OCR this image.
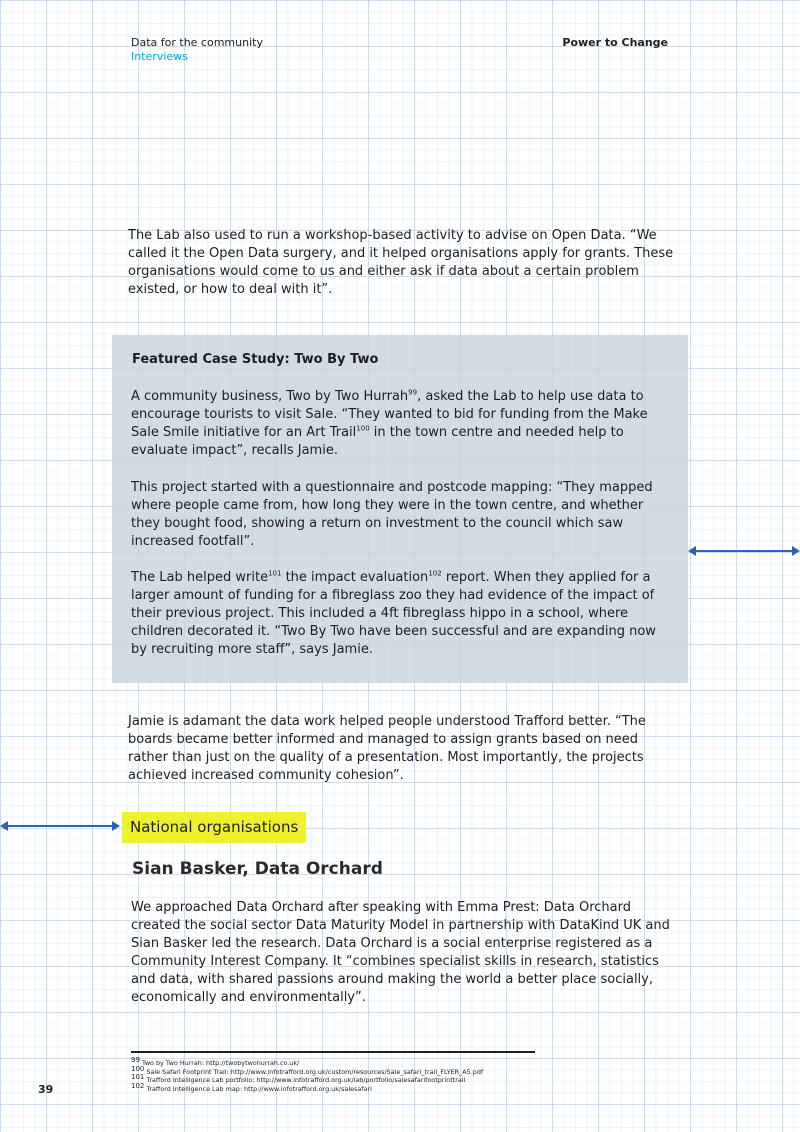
Data for the community
Interviews
Power to Change

The Lab also used to run a workshop-based activity to advise on Open Data. “We called it the Open Data surgery, and it helped organisations apply for grants. These organisations would come to us and either ask if data about a certain problem existed, or how to deal with it”.

Featured Case Study: Two By Two

A community business, Two by Two Hurrah$^{99}$, asked the Lab to help use data to encourage tourists to visit Sale. “They wanted to bid for funding from the Make Sale Smile initiative for an Art Trail$^{100}$ in the town centre and needed help to evaluate impact”, recalls Jamie.

This project started with a questionnaire and postcode mapping: “They mapped where people came from, how long they were in the town centre, and whether they bought food, showing a return on investment to the council which saw increased footfall”.

The Lab helped write$^{101}$ the impact evaluation$^{102}$ report. When they applied for a larger amount of funding for a fibreglass zoo they had evidence of the impact of their previous project. This included a 4ft fibreglass hippo in a school, where children decorated it. “Two By Two have been successful and are expanding now by recruiting more staff”, says Jamie.

Jamie is adamant the data work helped people understood Trafford better. “The boards became better informed and managed to assign grants based on need rather than just on the quality of a presentation. Most importantly, the projects achieved increased community cohesion”.

National organisations
Sian Basker, Data Orchard

We approached Data Orchard after speaking with Emma Prest: Data Orchard created the social sector Data Maturity Model in partnership with DataKind UK and Sian Basker led the research. Data Orchard is a social enterprise registered as a Community Interest Company. It “combines specialist skills in research, statistics and data, with shared passions around making the world a better place socially, economically and environmentally”.

$^{99}$ Two by Two Hurrah: http://twobytwohurrah.co.uk/
$^{100}$ Sale Safari Footprint Trail: http://www.infotrafford.org.uk/custom/resources/Sale_safari_trail_FLYER_A5.pdf
$^{101}$ Trafford Intelligence Lab portfolio: http://www.infotrafford.org.uk/lab/portfolio/salesafarifootprinttrail
$^{102}$ Trafford Intelligence Lab map: http://www.infotrafford.org.uk/salesafari
39
